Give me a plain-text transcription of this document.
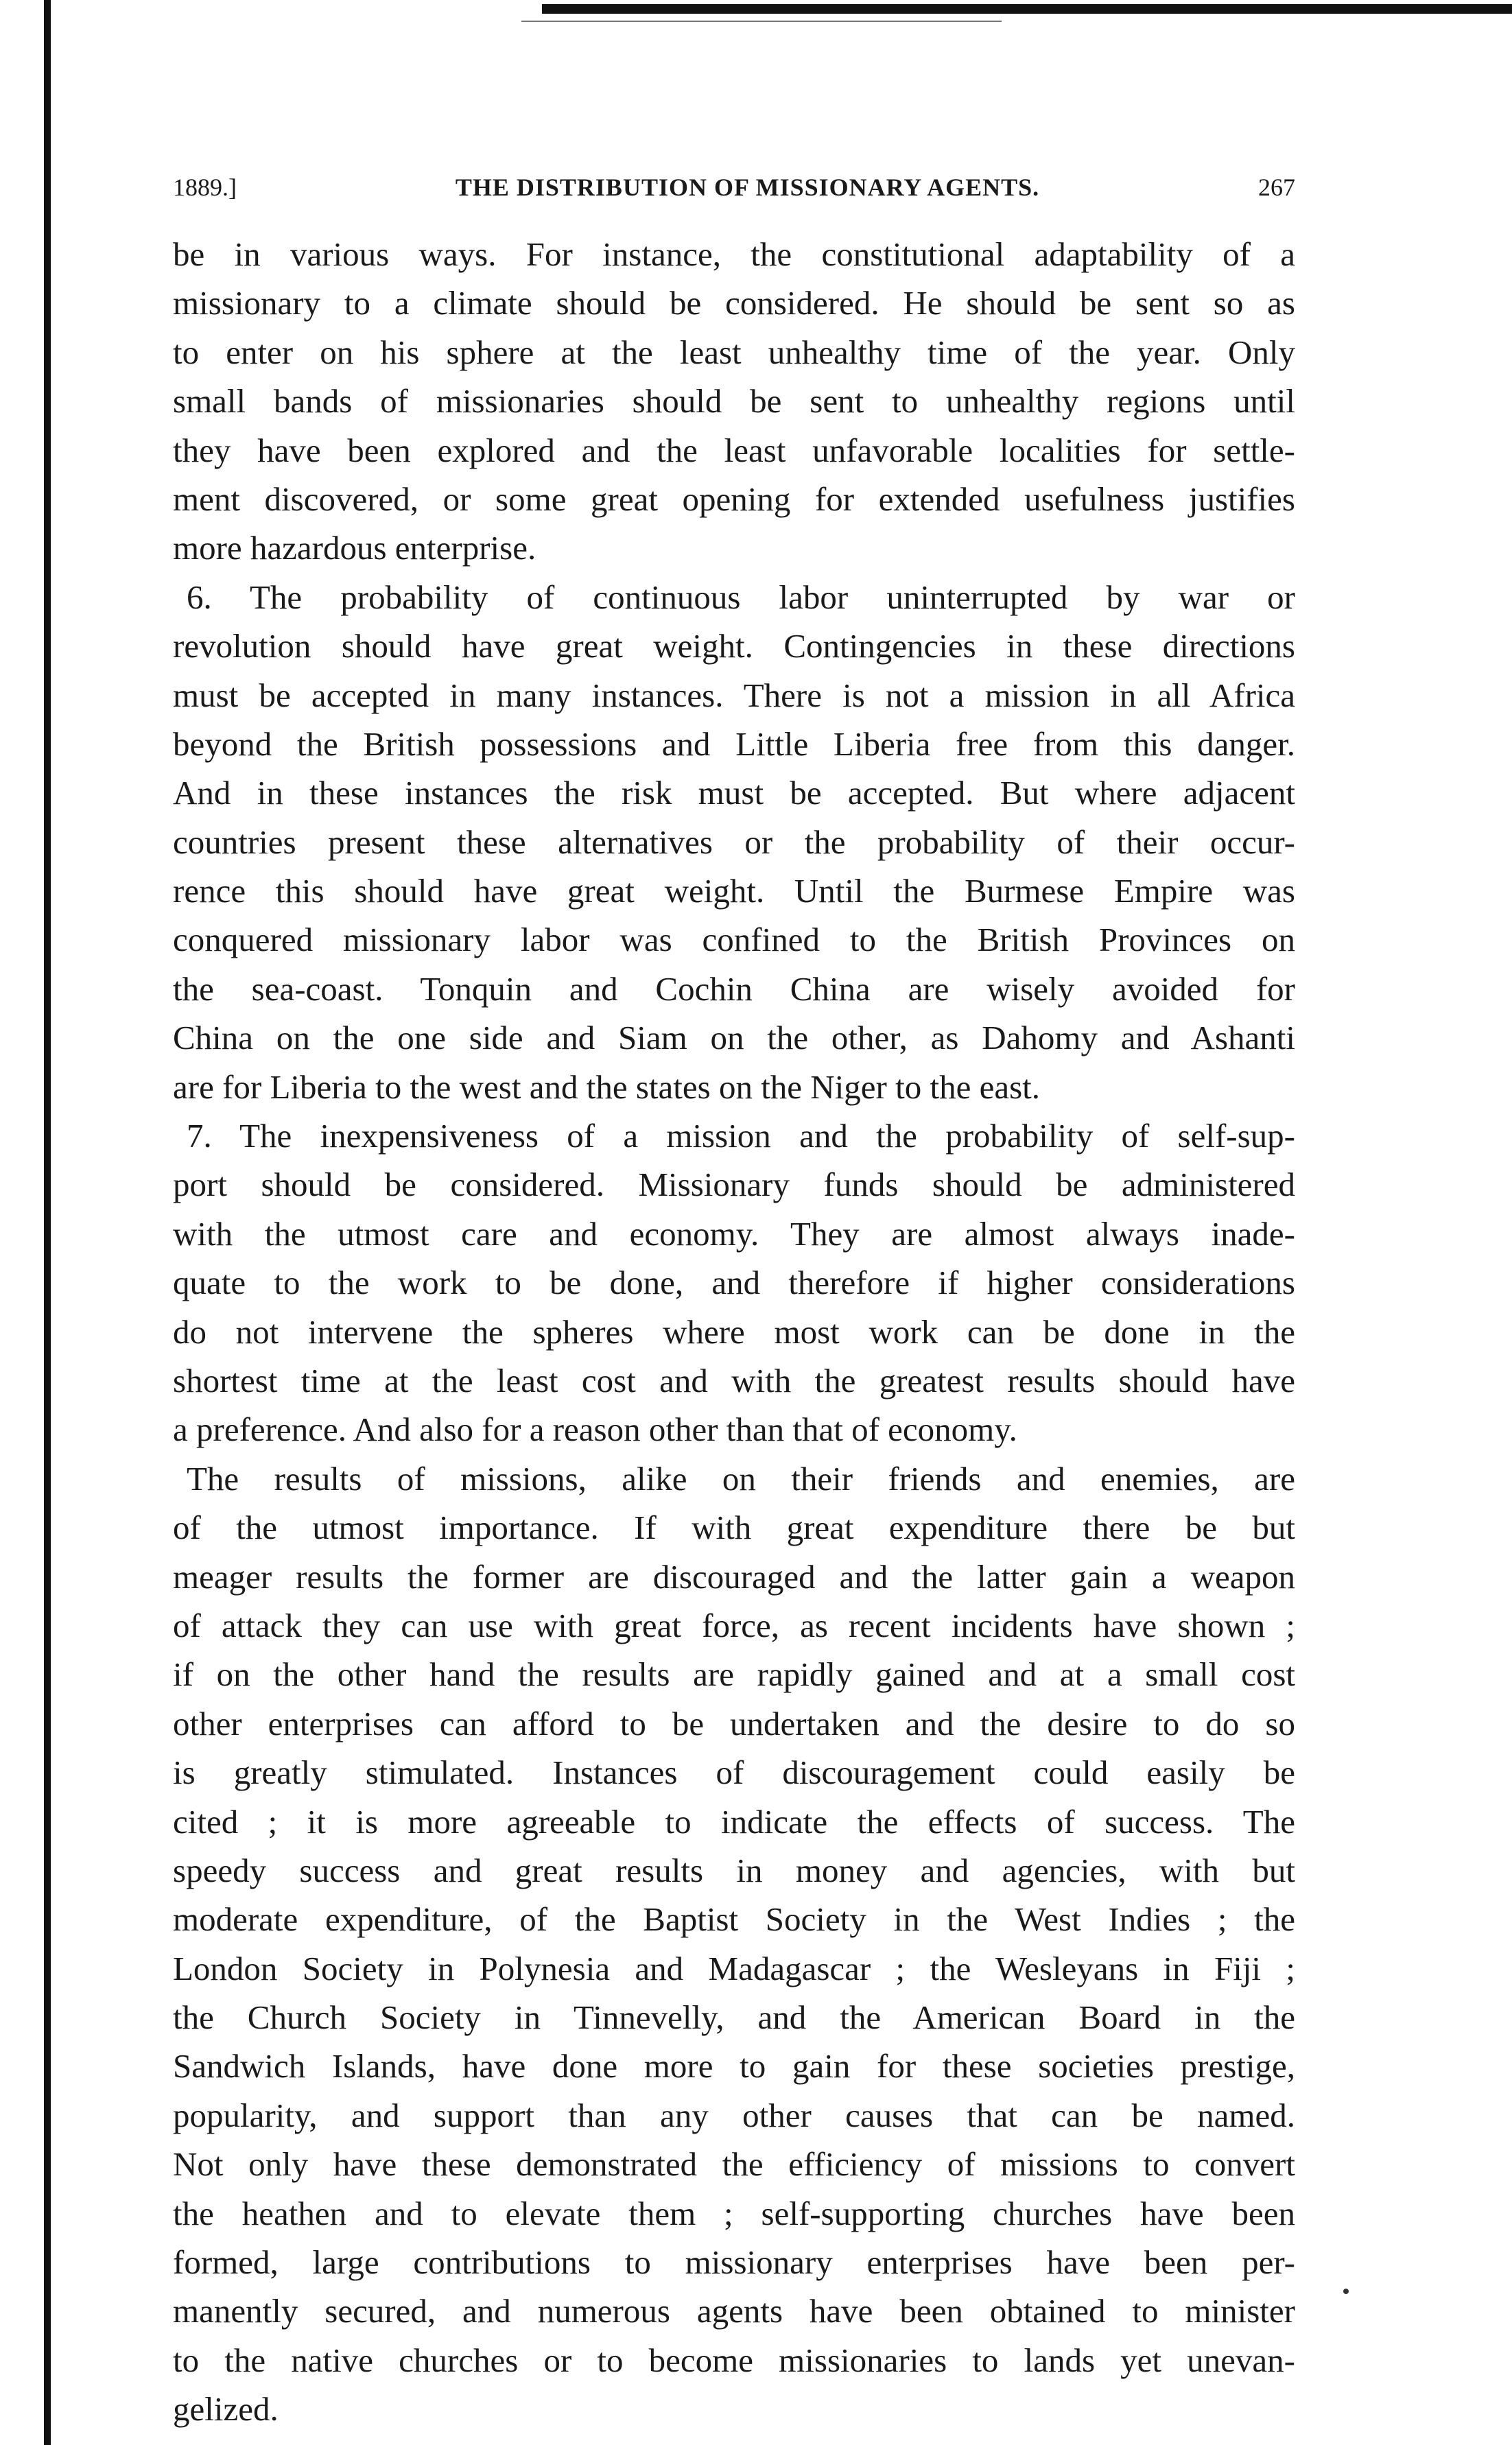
1889.]	THE DISTRIBUTION OF MISSIONARY AGENTS.	267
be in various ways. For instance, the constitutional adaptability of a
missionary to a climate should be considered. He should be sent so as
to enter on his sphere at the least unhealthy time of the year. Only
small bands of missionaries should be sent to unhealthy regions until
they have been explored and the least unfavorable localities for settle-
ment discovered, or some great opening for extended usefulness justifies
more hazardous enterprise.
6. The probability of continuous labor uninterrupted by war or
revolution should have great weight. Contingencies in these directions
must be accepted in many instances. There is not a mission in all Africa
beyond the British possessions and Little Liberia free from this danger.
And in these instances the risk must be accepted. But where adjacent
countries present these alternatives or the probability of their occur-
rence this should have great weight. Until the Burmese Empire was
conquered missionary labor was confined to the British Provinces on
the sea-coast. Tonquin and Cochin China are wisely avoided for
China on the one side and Siam on the other, as Dahomy and Ashanti
are for Liberia to the west and the states on the Niger to the east.
7. The inexpensiveness of a mission and the probability of self-sup-
port should be considered. Missionary funds should be administered
with the utmost care and economy. They are almost always inade-
quate to the work to be done, and therefore if higher considerations
do not intervene the spheres where most work can be done in the
shortest time at the least cost and with the greatest results should have
a preference. And also for a reason other than that of economy.
The results of missions, alike on their friends and enemies, are
of the utmost importance. If with great expenditure there be but
meager results the former are discouraged and the latter gain a weapon
of attack they can use with great force, as recent incidents have shown ;
if on the other hand the results are rapidly gained and at a small cost
other enterprises can afford to be undertaken and the desire to do so
is greatly stimulated. Instances of discouragement could easily be
cited ; it is more agreeable to indicate the effects of success. The
speedy success and great results in money and agencies, with but
moderate expenditure, of the Baptist Society in the West Indies ; the
London Society in Polynesia and Madagascar ; the Wesleyans in Fiji ;
the Church Society in Tinnevelly, and the American Board in the
Sandwich Islands, have done more to gain for these societies prestige,
popularity, and support than any other causes that can be named.
Not only have these demonstrated the efficiency of missions to convert
the heathen and to elevate them ; self-supporting churches have been
formed, large contributions to missionary enterprises have been per-
manently secured, and numerous agents have been obtained to minister
to the native churches or to become missionaries to lands yet unevan-
gelized.
